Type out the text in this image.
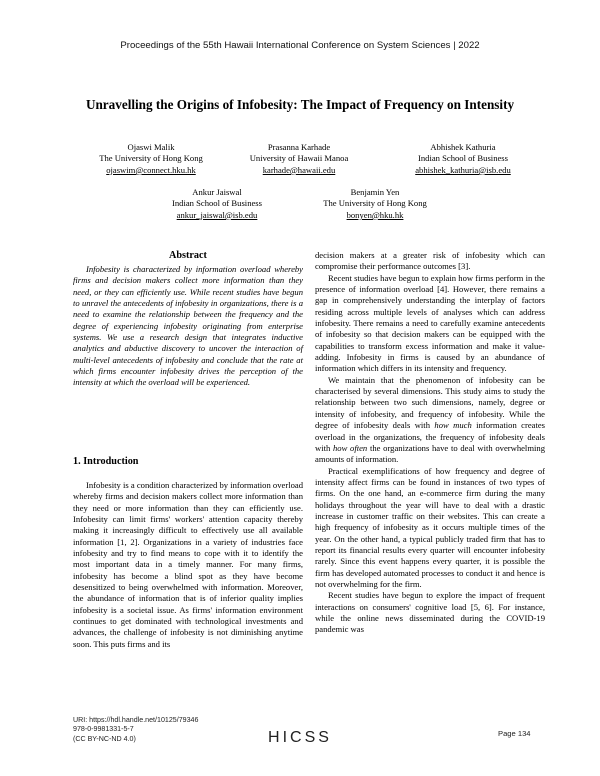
Proceedings of the 55th Hawaii International Conference on System Sciences | 2022
Unravelling the Origins of Infobesity: The Impact of Frequency on Intensity
Ojaswi Malik
The University of Hong Kong
ojaswim@connect.hku.hk
Prasanna Karhade
University of Hawaii Manoa
karhade@hawaii.edu
Abhishek Kathuria
Indian School of Business
abhishek_kathuria@isb.edu
Ankur Jaiswal
Indian School of Business
ankur_jaiswal@isb.edu
Benjamin Yen
The University of Hong Kong
bonyen@hku.hk
Abstract

Infobesity is characterized by information overload whereby firms and decision makers collect more information than they need, or they can efficiently use. While recent studies have begun to unravel the antecedents of infobesity in organizations, there is a need to examine the relationship between the frequency and the degree of experiencing infobesity originating from enterprise systems. We use a research design that integrates inductive analytics and abductive discovery to uncover the interaction of multi-level antecedents of infobesity and conclude that the rate at which firms encounter infobesity drives the perception of the intensity at which the overload will be experienced.

1. Introduction

Infobesity is a condition characterized by information overload whereby firms and decision makers collect more information than they need or more information than they can efficiently use. Infobesity can limit firms' workers' attention capacity thereby making it increasingly difficult to effectively use all available information [1, 2]. Organizations in a variety of industries face infobesity and try to find means to cope with it to identify the most important data in a timely manner. For many firms, infobesity has become a blind spot as they have become desensitized to being overwhelmed with information. Moreover, the abundance of information that is of inferior quality implies infobesity is a societal issue. As firms' information environment continues to get dominated with technological investments and advances, the challenge of infobesity is not diminishing anytime soon. This puts firms and its

decision makers at a greater risk of infobesity which can compromise their performance outcomes [3].

Recent studies have begun to explain how firms perform in the presence of information overload [4]. However, there remains a gap in comprehensively understanding the interplay of factors residing across multiple levels of analyses which can address infobesity. There remains a need to carefully examine antecedents of infobesity so that decision makers can be equipped with the capabilities to transform excess information and make it value-adding. Infobesity in firms is caused by an abundance of information which differs in its intensity and frequency.

We maintain that the phenomenon of infobesity can be characterised by several dimensions. This study aims to study the relationship between two such dimensions, namely, degree or intensity of infobesity, and frequency of infobesity. While the degree of infobesity deals with how much information creates overload in the organizations, the frequency of infobesity deals with how often the organizations have to deal with overwhelming amounts of information.

Practical exemplifications of how frequency and degree of intensity affect firms can be found in instances of two types of firms. On the one hand, an e-commerce firm during the many holidays throughout the year will have to deal with a drastic increase in customer traffic on their websites. This can create a high frequency of infobesity as it occurs multiple times of the year. On the other hand, a typical publicly traded firm that has to report its financial results every quarter will encounter infobesity rarely. Since this event happens every quarter, it is possible the firm has developed automated processes to conduct it and hence is not overwhelming for the firm.

Recent studies have begun to explore the impact of frequent interactions on consumers' cognitive load [5, 6]. For instance, while the online news disseminated during the COVID-19 pandemic was

URI: https://hdl.handle.net/10125/79346
978-0-9981331-5-7
(CC BY-NC-ND 4.0)	HICSS	Page 134
